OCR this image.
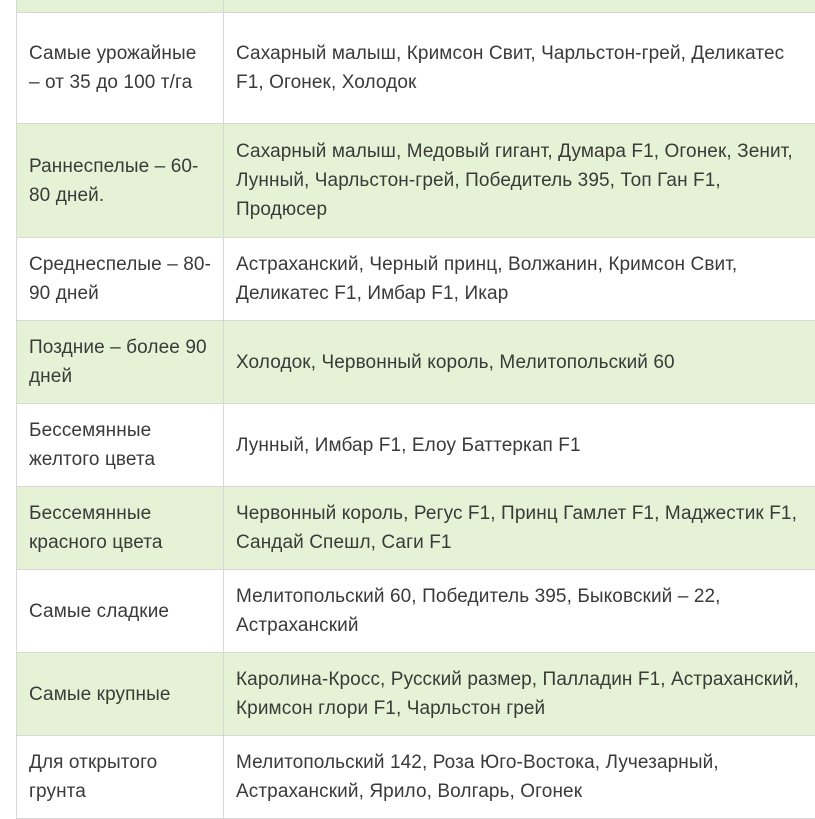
Самые урожайные – от 35 до 100 т/га	Сахарный малыш, Кримсон Свит, Чарльстон-грей, Деликатес F1, Огонек, Холодок
Раннеспелые – 60-80 дней.	Сахарный малыш, Медовый гигант, Думара F1, Огонек, Зенит, Лунный, Чарльстон-грей, Победитель 395, Топ Ган F1, Продюсер
Среднеспелые – 80-90 дней	Астраханский, Черный принц, Волжанин, Кримсон Свит, Деликатес F1, Имбар F1, Икар
Поздние – более 90 дней	Холодок, Червонный король, Мелитопольский 60
Бессемянные желтого цвета	Лунный, Имбар F1, Елоу Баттеркап F1
Бессемянные красного цвета	Червонный король, Регус F1, Принц Гамлет F1, Маджестик F1, Сандай Спешл, Саги F1
Самые сладкие	Мелитопольский 60, Победитель 395, Быковский – 22, Астраханский
Самые крупные	Каролина-Кросс, Русский размер, Палладин F1, Астраханский, Кримсон глори F1, Чарльстон грей
Для открытого грунта	Мелитопольский 142, Роза Юго-Востока, Лучезарный, Астраханский, Ярило, Волгарь, Огонек
